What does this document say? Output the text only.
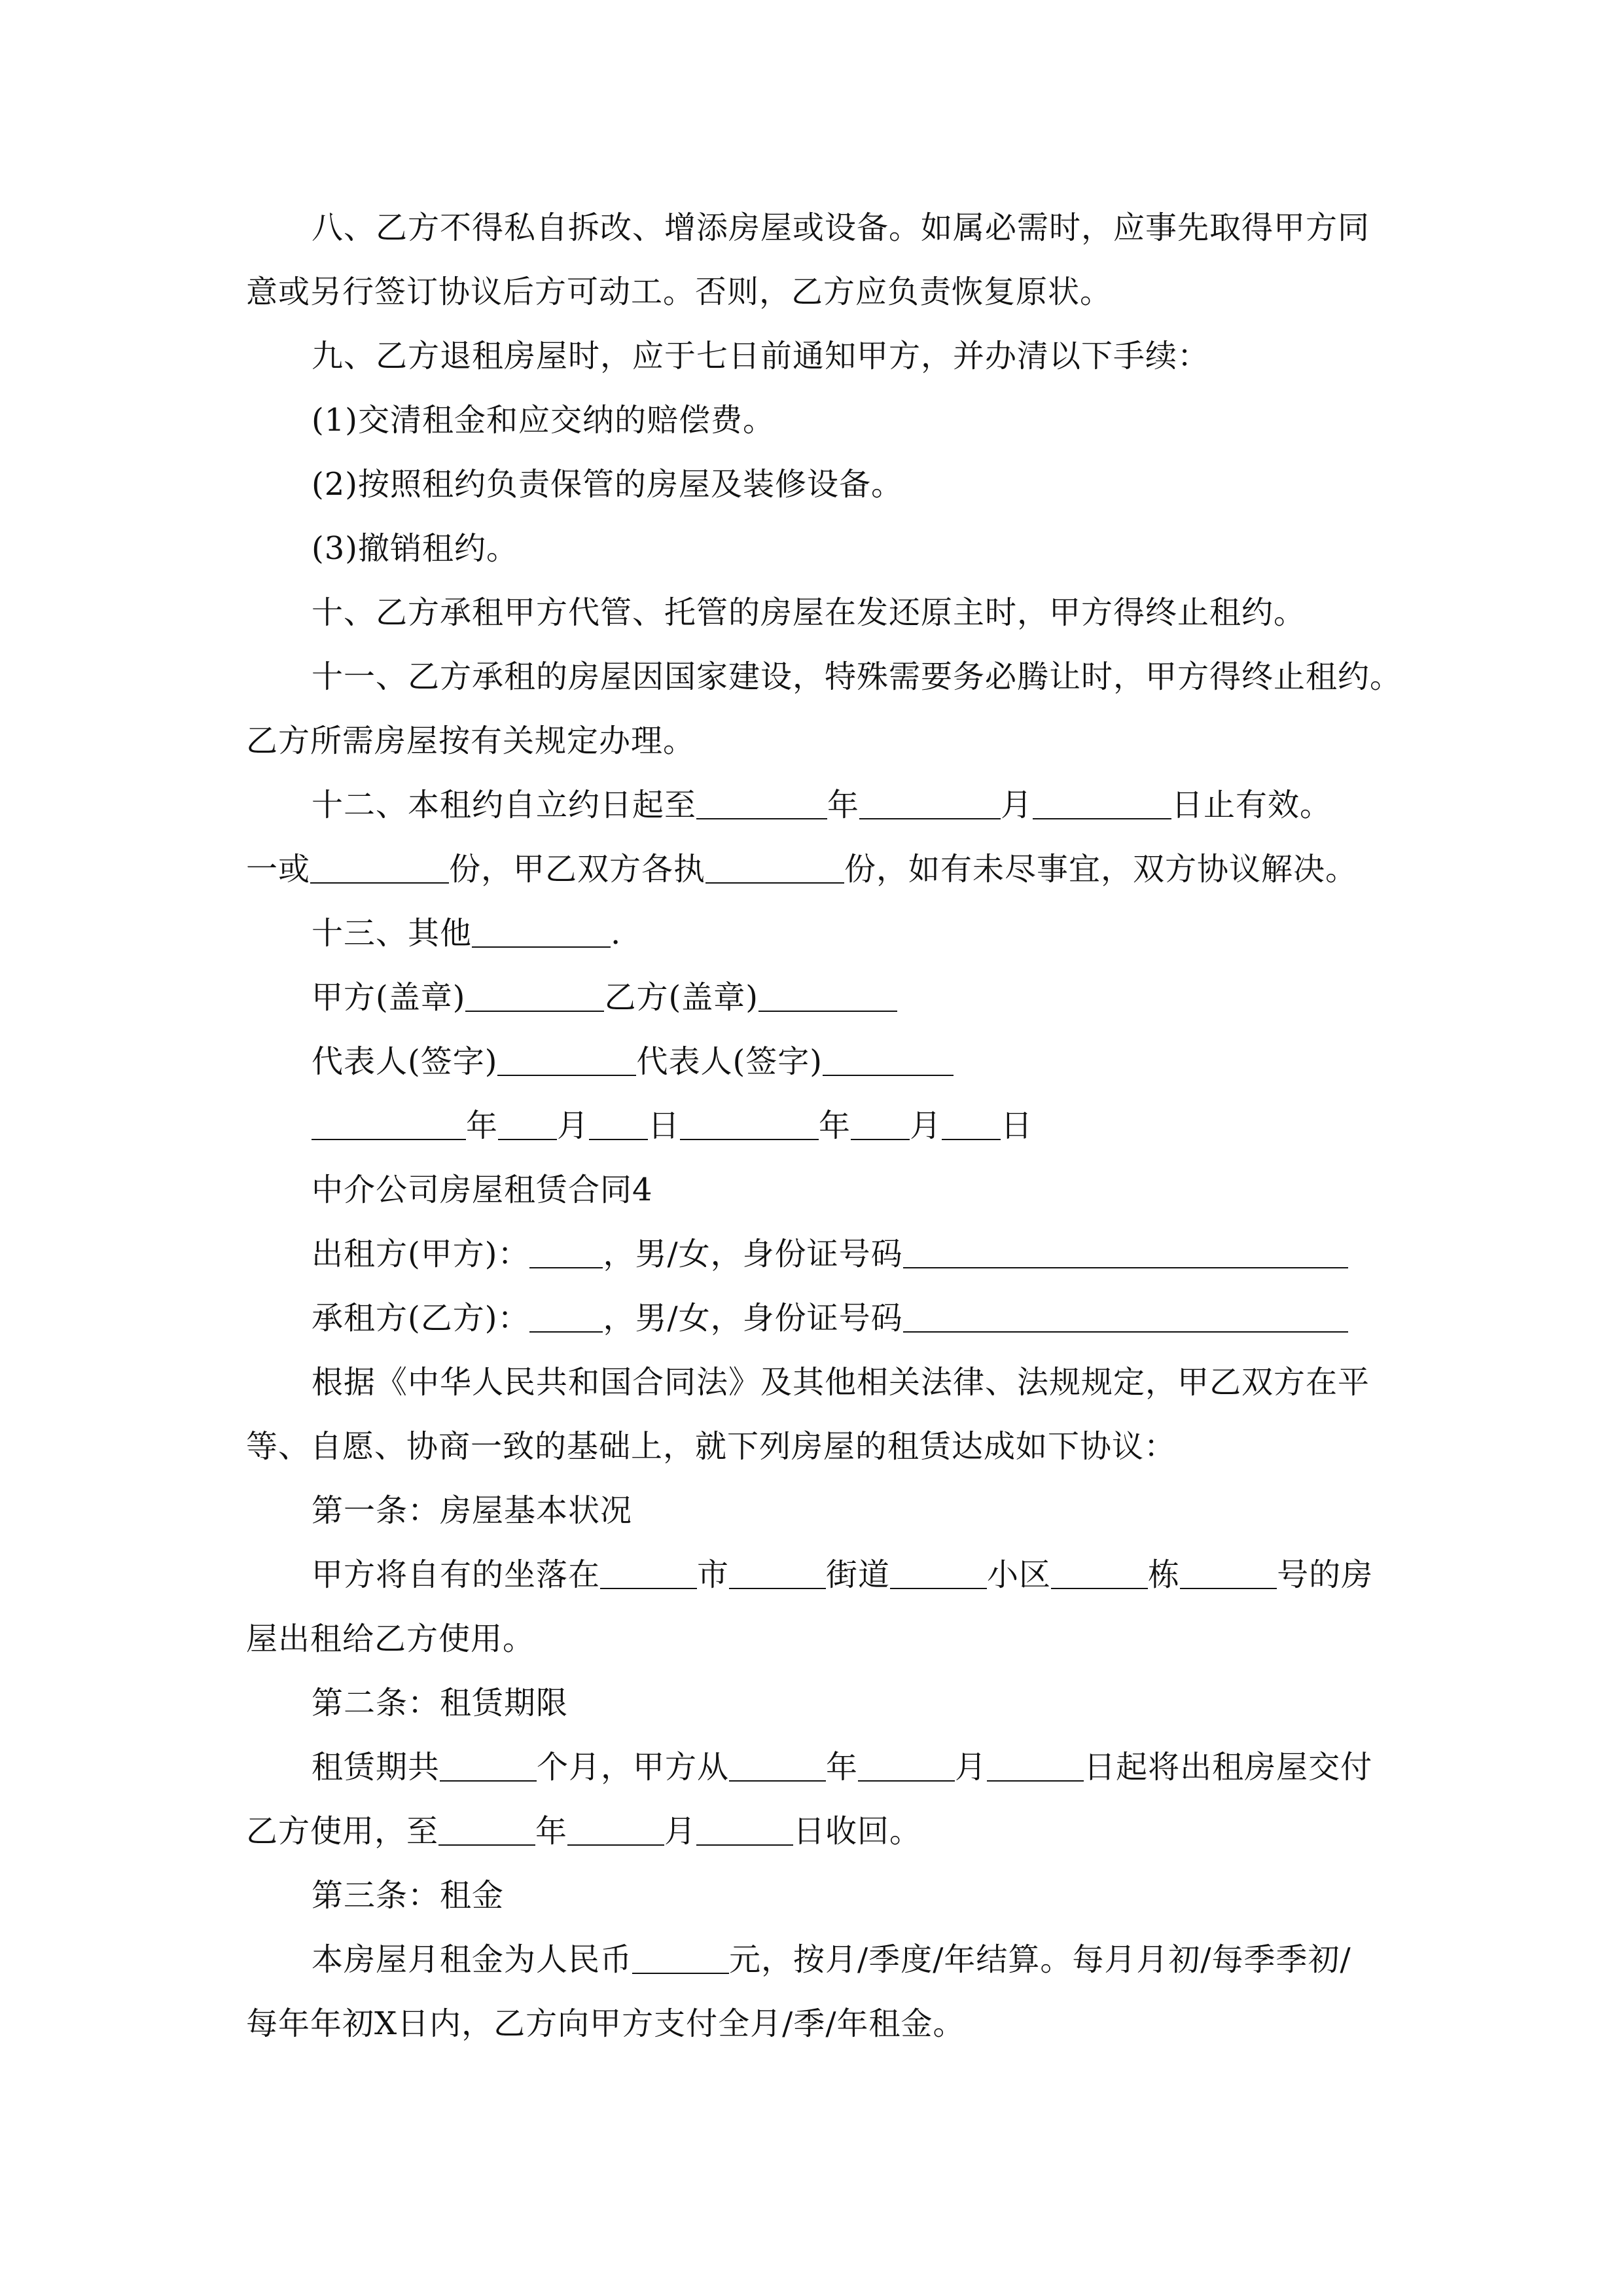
八、乙方不得私自拆改、增添房屋或设备。如属必需时，应事先取得甲方同
意或另行签订协议后方可动工。否则，乙方应负责恢复原状。
九、乙方退租房屋时，应于七日前通知甲方，并办清以下手续：
(1)交清租金和应交纳的赔偿费。
(2)按照租约负责保管的房屋及装修设备。
(3)撤销租约。
十、乙方承租甲方代管、托管的房屋在发还原主时，甲方得终止租约。
十一、乙方承租的房屋因国家建设，特殊需要务必腾让时，甲方得终止租约。
乙方所需房屋按有关规定办理。
十二、本租约自立约日起至	年	月	日止有效。
一或	份，甲乙双方各执	份，如有未尽事宜，双方协议解决。
十三、其他	.
甲方(盖章)	乙方(盖章)
代表人(签字)	代表人(签字)
年 月 日	年 月 日
中介公司房屋租赁合同4
出租方(甲方)： ，男/女，身份证号码
承租方(乙方)： ，男/女，身份证号码
根据《中华人民共和国合同法》及其他相关法律、法规规定，甲乙双方在平
等、自愿、协商一致的基础上，就下列房屋的租赁达成如下协议：
第一条：房屋基本状况
甲方将自有的坐落在	市	街道	小区	栋	号的房
屋出租给乙方使用。
第二条：租赁期限
租赁期共	个月，甲方从	年	月	日起将出租房屋交付
乙方使用，至	年	月	日收回。
第三条：租金
本房屋月租金为人民币	元，按月/季度/年结算。每月月初/每季季初/
每年年初X日内，乙方向甲方支付全月/季/年租金。
